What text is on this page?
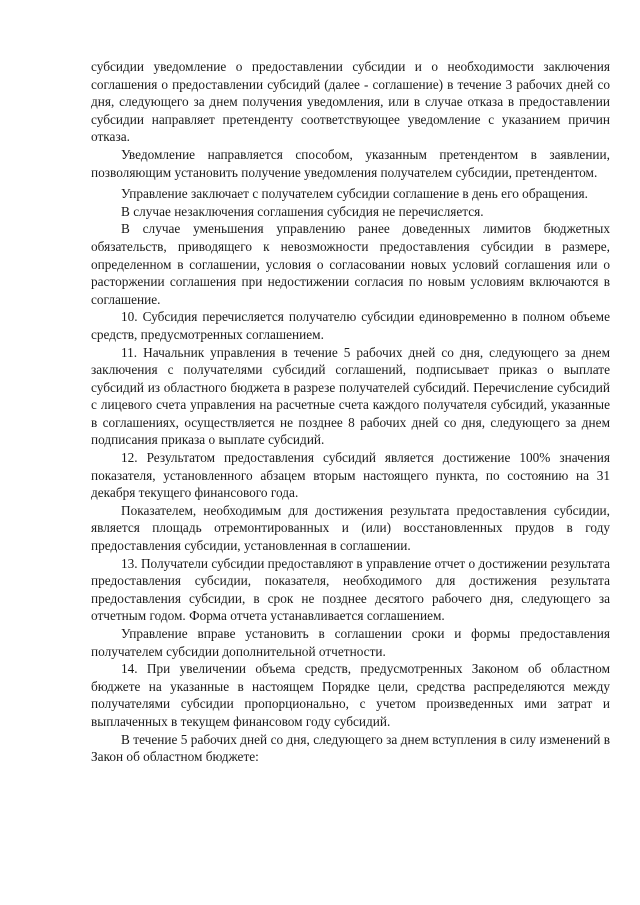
субсидии уведомление о предоставлении субсидии и о необходимости заключения соглашения о предоставлении субсидий (далее - соглашение) в течение 3 рабочих дней со дня, следующего за днем получения уведомления, или в случае отказа в предоставлении субсидии направляет претенденту соответствующее уведомление с указанием причин отказа.

Уведомление направляется способом, указанным претендентом в заявлении, позволяющим установить получение уведомления получателем субсидии, претендентом.

Управление заключает с получателем субсидии соглашение в день его обращения.

В случае незаключения соглашения субсидия не перечисляется.

В случае уменьшения управлению ранее доведенных лимитов бюджетных обязательств, приводящего к невозможности предоставления субсидии в размере, определенном в соглашении, условия о согласовании новых условий соглашения или о расторжении соглашения при недостижении согласия по новым условиям включаются в соглашение.

10. Субсидия перечисляется получателю субсидии единовременно в полном объеме средств, предусмотренных соглашением.

11. Начальник управления в течение 5 рабочих дней со дня, следующего за днем заключения с получателями субсидий соглашений, подписывает приказ о выплате субсидий из областного бюджета в разрезе получателей субсидий. Перечисление субсидий с лицевого счета управления на расчетные счета каждого получателя субсидий, указанные в соглашениях, осуществляется не позднее 8 рабочих дней со дня, следующего за днем подписания приказа о выплате субсидий.

12. Результатом предоставления субсидий является достижение 100% значения показателя, установленного абзацем вторым настоящего пункта, по состоянию на 31 декабря текущего финансового года.

Показателем, необходимым для достижения результата предоставления субсидии, является площадь отремонтированных и (или) восстановленных прудов в году предоставления субсидии, установленная в соглашении.

13. Получатели субсидии предоставляют в управление отчет о достижении результата предоставления субсидии, показателя, необходимого для достижения результата предоставления субсидии, в срок не позднее десятого рабочего дня, следующего за отчетным годом. Форма отчета устанавливается соглашением.

Управление вправе установить в соглашении сроки и формы предоставления получателем субсидии дополнительной отчетности.

14. При увеличении объема средств, предусмотренных Законом об областном бюджете на указанные в настоящем Порядке цели, средства распределяются между получателями субсидии пропорционально, с учетом произведенных ими затрат и выплаченных в текущем финансовом году субсидий.

В течение 5 рабочих дней со дня, следующего за днем вступления в силу изменений в Закон об областном бюджете:
